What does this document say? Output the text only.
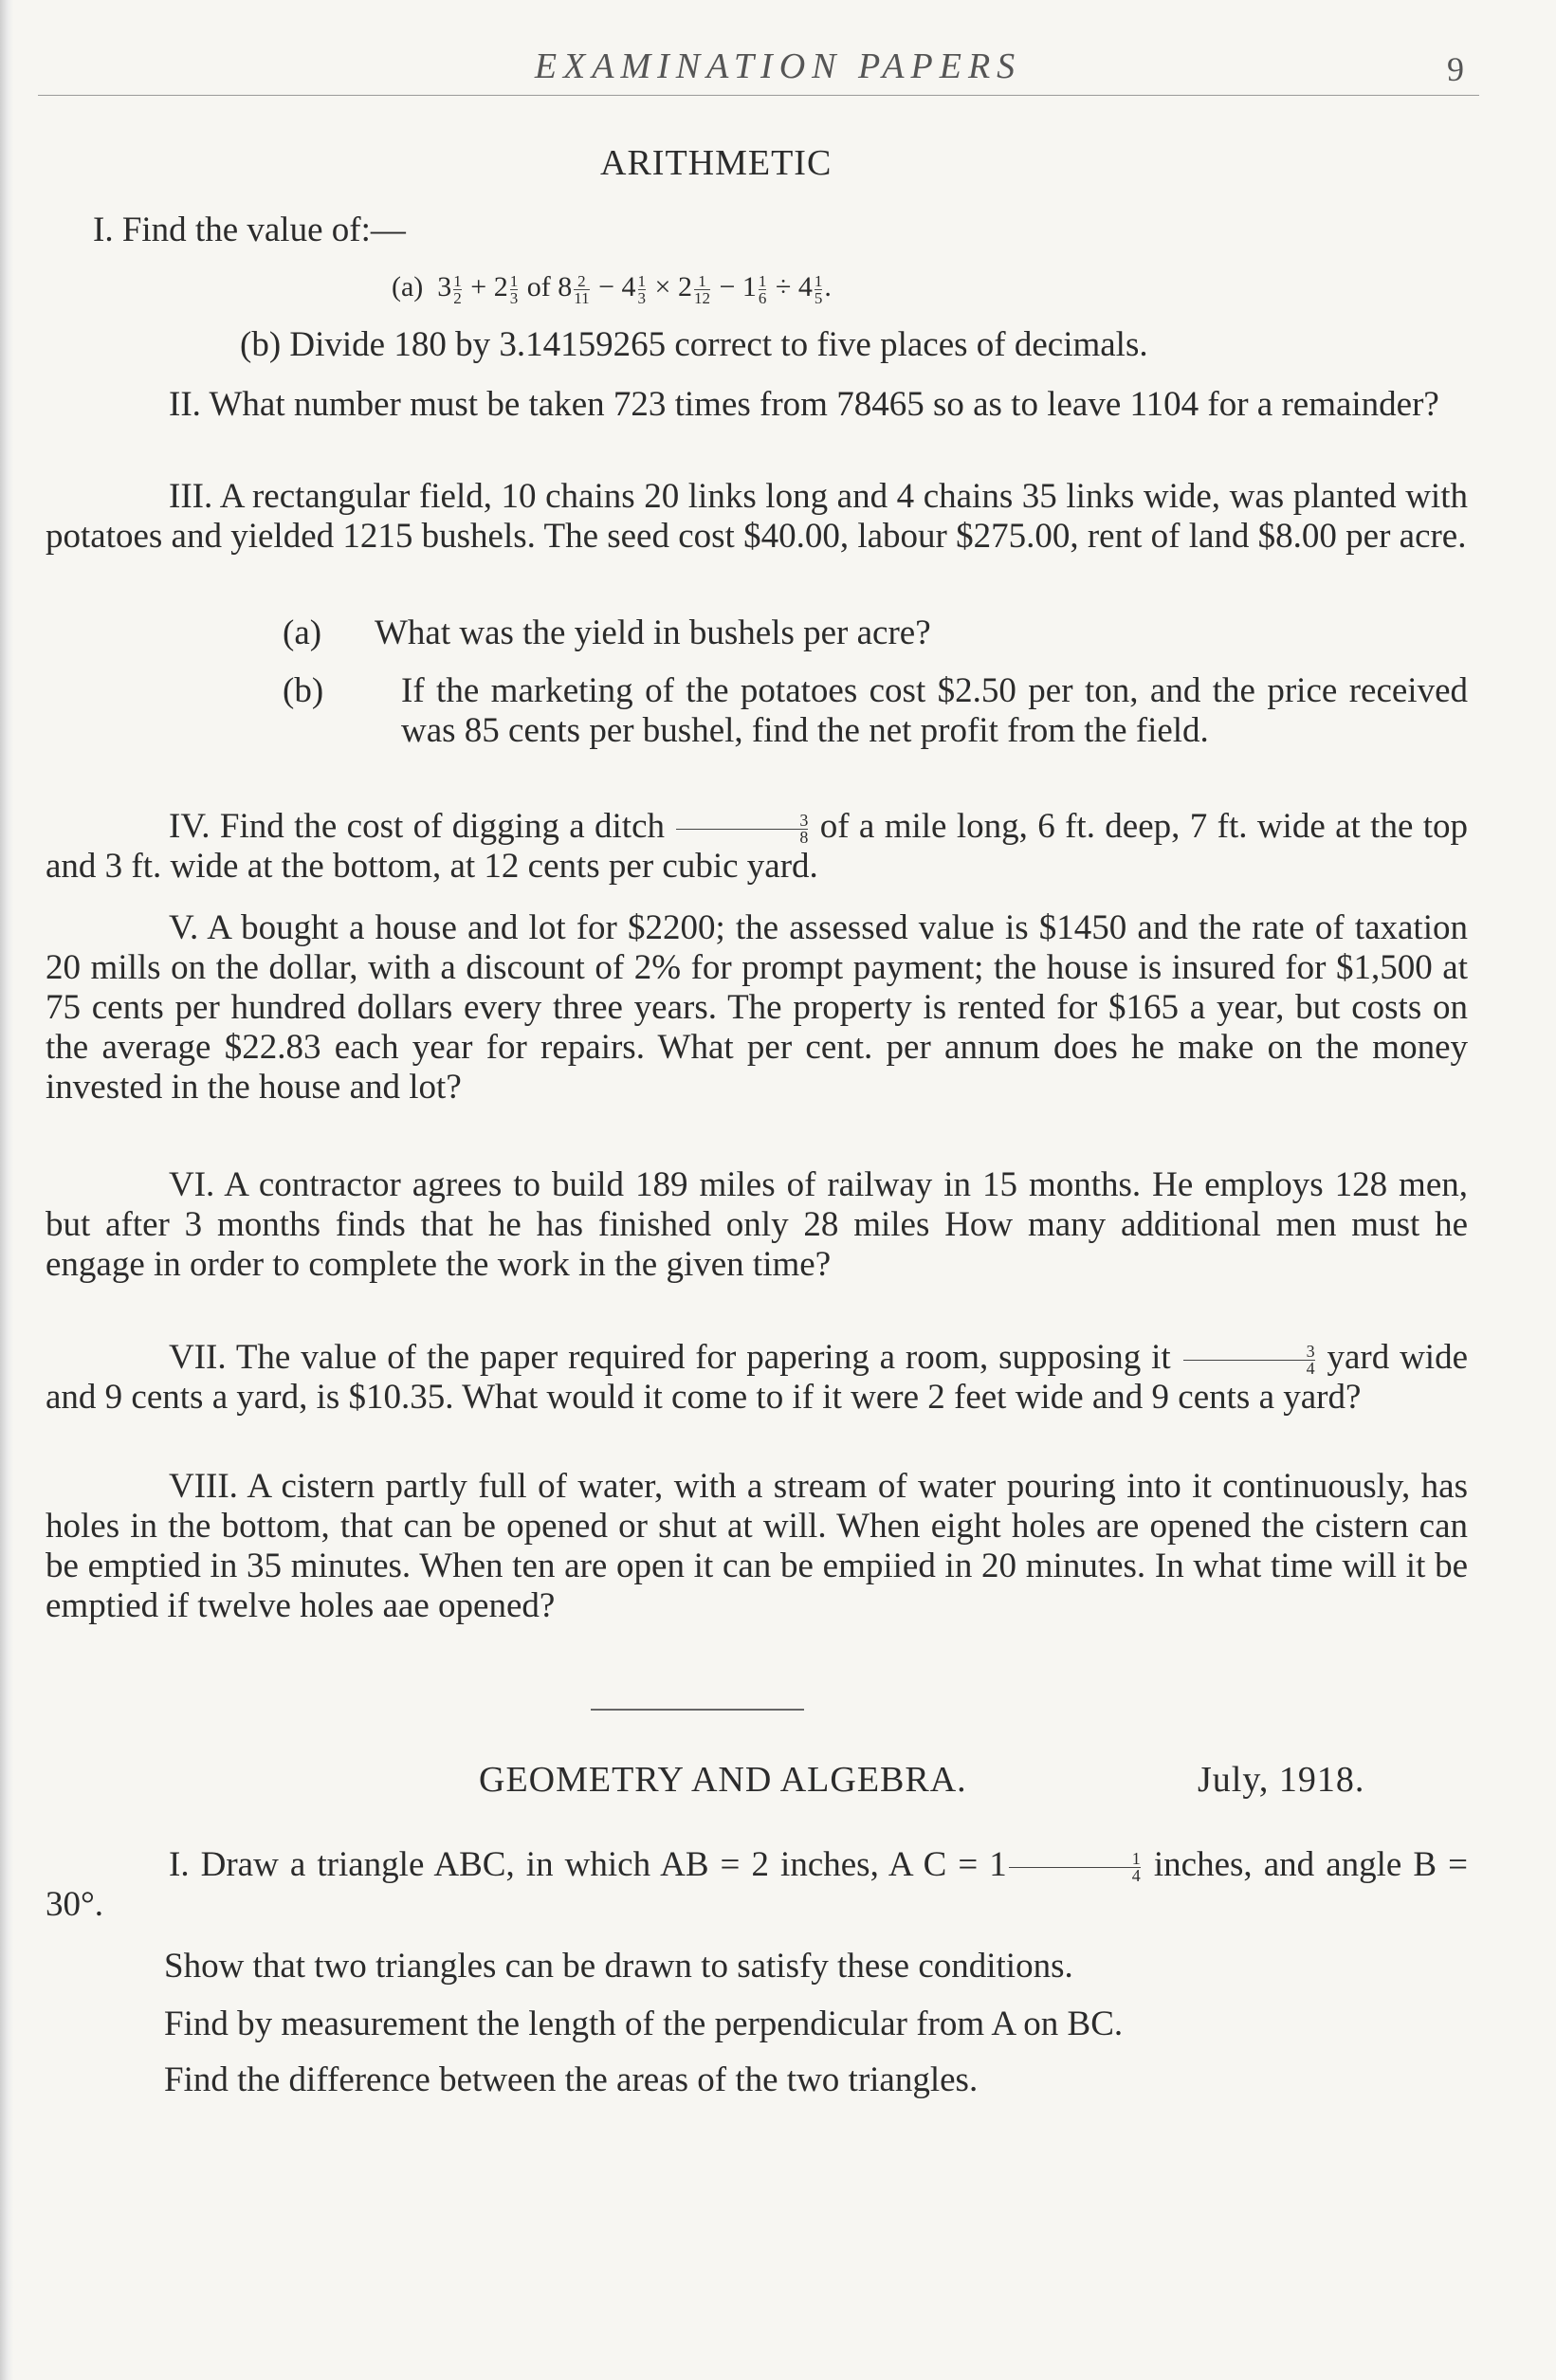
EXAMINATION PAPERS	9
ARITHMETIC
I. Find the value of:—
(a) $3 \frac{1}{2} + 2 \frac{1}{3}$ of $8 \frac{2}{11} - 4 \frac{1}{3} \times 2 \frac{1}{12} - 1 \frac{1}{6} \div 4 \frac{1}{5}$ .
(b) Divide 180 by 3.14159265 correct to five places of decimals.
II. What number must be taken 723 times from 78465 so as to leave 1104 for a remainder?
III. A rectangular field, 10 chains 20 links long and 4 chains 35 links wide, was planted with potatoes and yielded 1215 bushels. The seed cost $40.00, labour $275.00, rent of land $8.00 per acre.
(a) What was the yield in bushels per acre?
(b) If the marketing of the potatoes cost $2.50 per ton, and the price received was 85 cents per bushel, find the net profit from the field.
IV. Find the cost of digging a ditch $\frac{3}{8}$ of a mile long, 6 ft. deep, 7 ft. wide at the top and 3 ft. wide at the bottom, at 12 cents per cubic yard.
V. A bought a house and lot for $2200; the assessed value is $1450 and the rate of taxation 20 mills on the dollar, with a discount of 2% for prompt payment; the house is insured for $1,500 at 75 cents per hundred dollars every three years. The property is rented for $165 a year, but costs on the average $22.83 each year for repairs. What per cent. per annum does he make on the money invested in the house and lot?
VI. A contractor agrees to build 189 miles of railway in 15 months. He employs 128 men, but after 3 months finds that he has finished only 28 miles How many additional men must he engage in order to complete the work in the given time?
VII. The value of the paper required for papering a room, supposing it $\frac{3}{4}$ yard wide and 9 cents a yard, is $10.35. What would it come to if it were 2 feet wide and 9 cents a yard?
VIII. A cistern partly full of water, with a stream of water pouring into it continuously, has holes in the bottom, that can be opened or shut at will. When eight holes are opened the cistern can be emptied in 35 minutes. When ten are open it can be empiied in 20 minutes. In what time will it be emptied if twelve holes aae opened?
GEOMETRY AND ALGEBRA.	July, 1918.
I. Draw a triangle ABC, in which AB = 2 inches, A $C = 1 \frac{1}{4}$ inches, and angle B = 30°.
Show that two triangles can be drawn to satisfy these conditions.
Find by measurement the length of the perpendicular from A on BC.
Find the difference between the areas of the two triangles.
